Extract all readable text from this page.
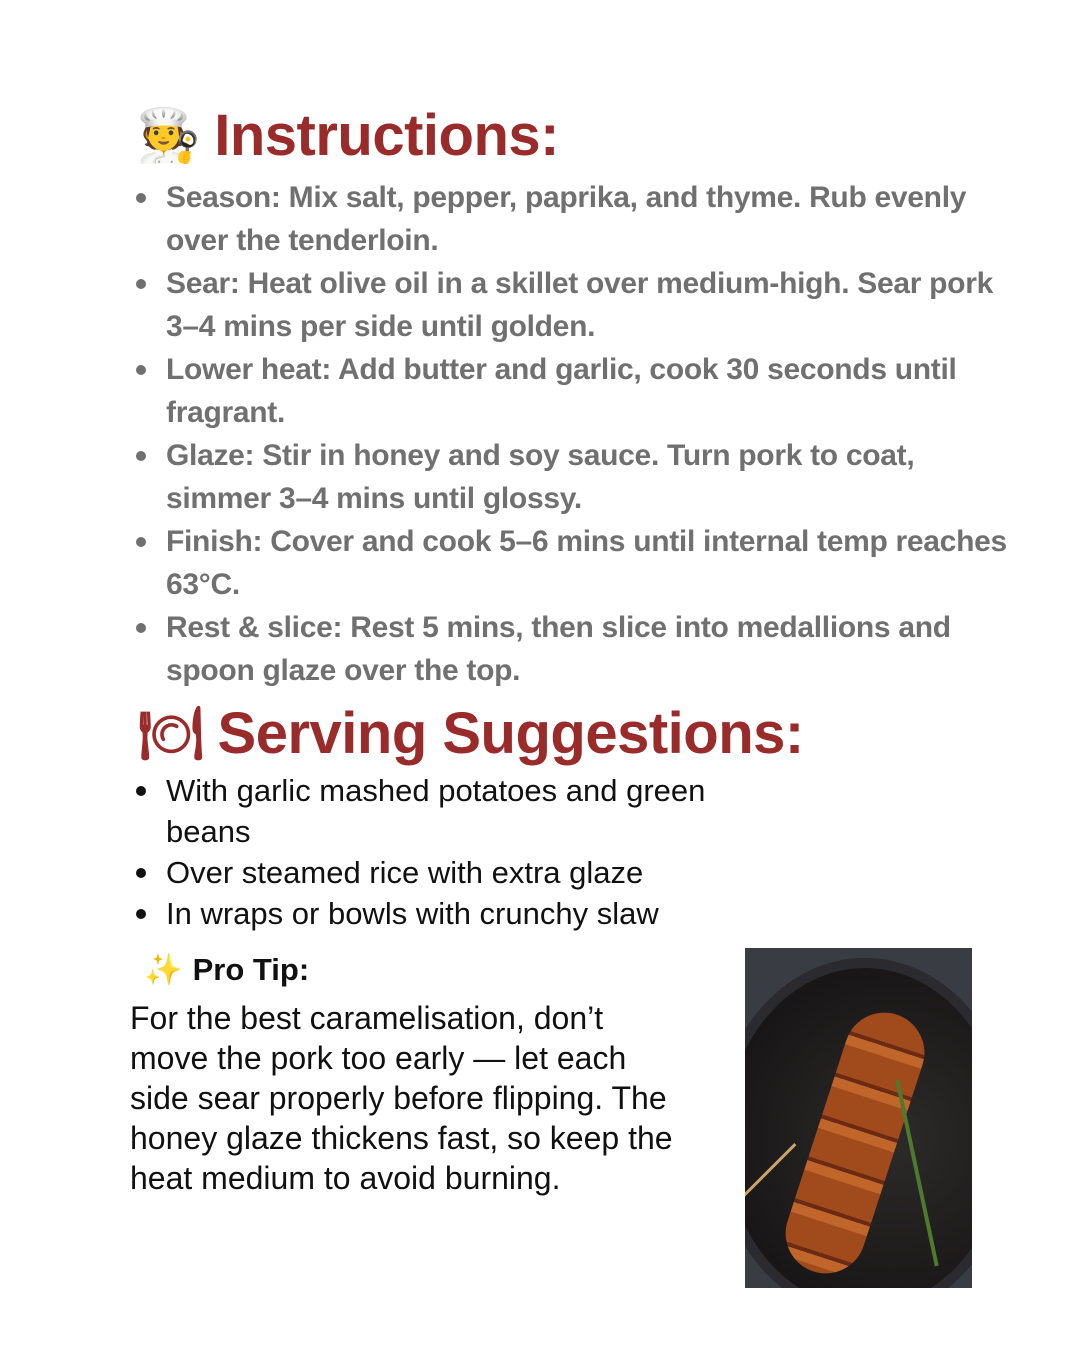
🧑‍🍳 Instructions:
Season: Mix salt, pepper, paprika, and thyme. Rub evenly over the tenderloin.
Sear: Heat olive oil in a skillet over medium-high. Sear pork 3–4 mins per side until golden.
Lower heat: Add butter and garlic, cook 30 seconds until fragrant.
Glaze: Stir in honey and soy sauce. Turn pork to coat, simmer 3–4 mins until glossy.
Finish: Cover and cook 5–6 mins until internal temp reaches 63°C.
Rest & slice: Rest 5 mins, then slice into medallions and spoon glaze over the top.
🍽 Serving Suggestions:
With garlic mashed potatoes and green beans
Over steamed rice with extra glaze
In wraps or bowls with crunchy slaw
✨ Pro Tip:
For the best caramelisation, don’t move the pork too early — let each side sear properly before flipping. The honey glaze thickens fast, so keep the heat medium to avoid burning.
